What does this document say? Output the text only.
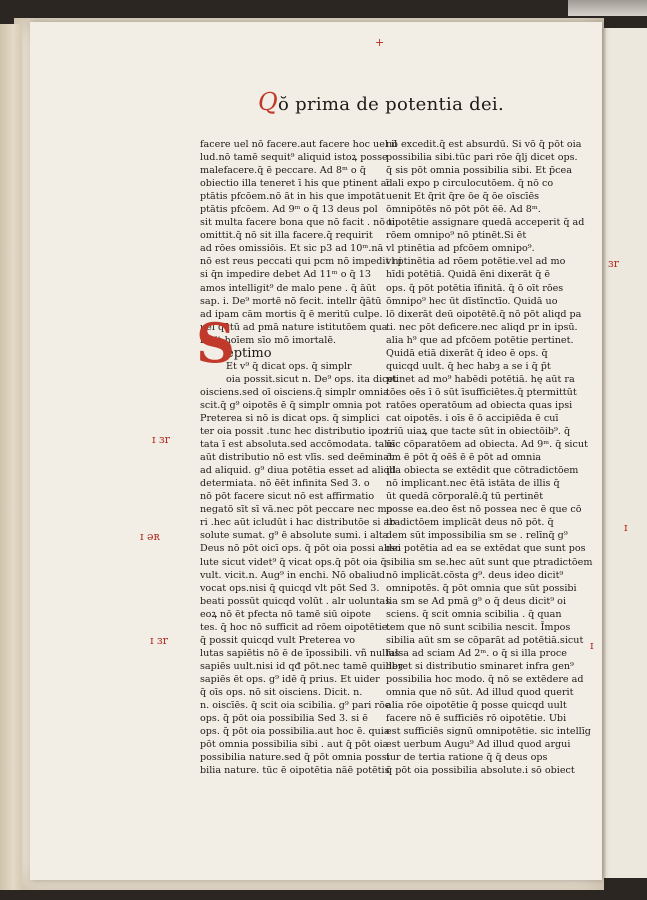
+
Qŏ prima de potentia dei.
facere uel nō facere.aut facere hoc uel il
lud.nō tamē sequit⁹ aliquid istoꝝ posse
malefacere.q̄ ē peccare. Ad 8ᵐ o q̄
obiectio illa teneret ī his que ptinent ad
ptātis pfcōem.nō āt in his que impotāt
ptātis pfcōem. Ad 9ᵐ o q̄ 13 deus pol
sit multa facere bona que nō facit . nō ti
omittit.q̄ nō sit illa facere.q̄ requirit
ad rōes omissiōis. Et sic p3 ad 10ᵐ.nā
nō est reus peccati qui pcm nō impedit ni
si q̄n impedire debet Ad 11ᵐ o q̄ 13
amos intelligit⁹ de malo pene . q̄ āūt
sap. i. De⁹ mortē nō fecit. intellr q̄ātū
ad ipam cām mortis q̄ ē meritū culpe.
uel q̄ātū ad pmā nature istitutōem qua
fecit hoīem sīo mō imortalē.
eptimo
Et v⁹ q̄ dicat ops. q̄ simplr
oia possit.sicut n. De⁹ ops. ita dicet
oisciens.sed oī oisciens.q̄ simplr omnia
scit.q̄ g⁹ oipotēs ē q̄ simplr omnia pot
Preterea si nō is dicat ops. q̄ simplici
ter oia possit .tunc hec distributio ipoz
tata ī est absoluta.sed accōmodata. talis
aūt distributio nō est vlīs. sed deēminat
ad aliquid. g⁹ diua potētia esset ad aliqd
determiata. nō ēēt infinita Sed 3. o
nō pōt facere sicut nō est affirmatio
negatō sīt sī vā.nec pōt peccare nec mo
ri .hec aūt icludūt i hac distributōe si ab
solute sumat. g⁹ ē absolute sumi. i alta
Deus nō pōt oicī ops. q̄ pōt oia possi abso
lute sicut videt⁹ q̄ vicat ops.q̄ pōt oia q̄
vult. vicit.n. Aug⁹ in enchi. Nō obaliud
vocat ops.nisi q̄ quicqd vlt pōt Sed 3.
beati possūt quicqd volūt . alr uoluntas
eoꝝ nō ēt pfecta nō tamē siū oipote
tes. q̄ hoc nō sufficit ad rōem oipotētie.
q̄ possit quicqd vult Preterea vo
lutas sapiētis nō ē de īpossibili. vñ nullus
sapiēs uult.nisi id qđ pōt.nec tamē quilibȝ
sapiēs ēt ops. g⁹ idē q̄ prius. Et uider
q̄ oīs ops. nō sit oisciens. Dicit. n.
n. oiscīēs. q̄ scit oia scibilia. g⁹ pari rōe
ops. q̄ pōt oia possibilia Sed 3. si ē
ops. q̄ pōt oia possibilia.aut hoc ē. quia
pōt omnia possibilia sibi . aut q̄ pōt oia
possibilia nature.sed q̄ pōt omnia possi
bilia nature. tūc ē oipotētia nāē potētis
nō excedit.q̄ est absurdū. Si vō q̄ pōt oia
possibilia sibi.tūc pari rōe q̄lj dicet ops.
q̄ sis pōt omnia possibilia sibi. Et p̄cea
ī ali expo p circulocutōem. q̄ nō co
uenit Et q̄rit q̄re ōe q̄ ōe oīscīēs
ōmnipōtēs nō pōt pōt ēē. Ad 8ᵐ.
oipotētie assignare quedā acceperit q̄ ad
rōem omnipo⁹ nō ptinēt.Si ēt
vl ptinētia ad pfcōem omnipo⁹.
vl ptinētia ad rōem potētie.vel ad mo
hīdi potētiā. Quidā ēni dixerāt q̄ ē
ops. q̄ pōt potētia īfinitā. q̄ ō oīt rōes
ōmnipo⁹ hec ūt dīstīnctīo. Quidā uo
lō dixerāt deū oipotētē.q̄ nō pōt aliqd pa
ti. nec pōt deficere.nec aliqd pr in ipsū.
alia h⁹ que ad pfcōem potētie pertinet.
Quidā etiā dixerāt q̄ ideo ē ops. q̄
quicqd uult. q̄ hec habȝ a se i q̄ p̄t
ptinet ad mo⁹ habēdi potētiā. hę aūt ra
tōes oēs ī ō sūt īsufficiētes.q̄ ptermittūt
ratōes operatōum ad obiecta quas ipsi
cat oipotēs. i oīs ē ō accipiēda ē cuī
triū uiaꝝ que tacte sūt in obiectōib⁹. q̄
ūīc cōparatōem ad obiecta. Ad 9ᵐ. q̄ sicut
ōm ē pōt q̄ oēs̄ ē ē pōt ad omnia
illa obiecta se extēdit que cōtradictōem
nō implicant.nec ētā istāta de illis q̄
ūt quedā cōrporalē.q̄ tū pertinēt
posse ea.deo ēst nō possea nec ē que cō
tradictōem implicāt deus nō pōt. q̄
dem sūt impossibilia sm se . relīnq̄ g⁹
dei potētia ad ea se extēdat que sunt pos
sibilia sm se.hec aūt sunt que ptradictōem
nō implicāt.cōsta g⁹. deus ideo dicit⁹
omnipotēs. q̄ pōt omnia que sūt possibi
lia sm se Ad pmā g⁹ o q̄ deus dicit⁹ oi
sciens. q̄ scit omnia scibilia . q̄ quan
tem que nō sunt scibilia nescit. Īmpos
sibilia aūt sm se cōparāt ad potētiā.sicut
falsa ad sciam Ad 2ᵐ. o q̄ si illa proce
deret si distributio sminaret infra gen⁹
possibilia hoc modo. q̄ nō se extēdere ad
omnia que nō sūt. Ad illud quod querit
alia rōe oipotētie q̄ posse quicqd uult
facere nō ē sufficiēs rō oipotētie. Ubi
est sufficiēs signū omnipotētie. sic intellīg
est uerbum Augu⁹ Ad illud quod argui
tur de tertia ratione q̄ q̄ deus ops
q̄ pōt oia possibilia absolute.i sō obiect
S
ɪ ɜr
ɪ əʀ
ɪ ɜr
ɜr
ɪ
ɪ
